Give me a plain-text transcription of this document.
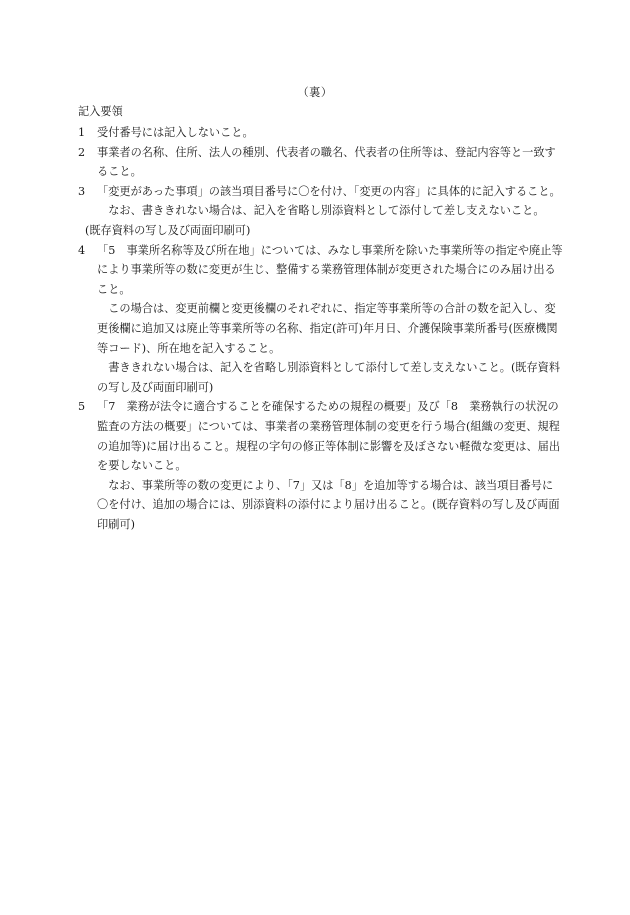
（裏）
記入要領
1	受付番号には記入しないこと。

2	事業者の名称、住所、法人の種別、代表者の職名、代表者の住所等は、登記内容等と一致すること。

3	「変更があった事項」の該当項目番号に〇を付け、「変更の内容」に具体的に記入すること。

なお、書ききれない場合は、記入を省略し別添資料として添付して差し支えないこと。

(既存資料の写し及び両面印刷可)

4	「5　事業所名称等及び所在地」については、みなし事業所を除いた事業所等の指定や廃止等により事業所等の数に変更が生じ、整備する業務管理体制が変更された場合にのみ届け出ること。

この場合は、変更前欄と変更後欄のそれぞれに、指定等事業所等の合計の数を記入し、変更後欄に追加又は廃止等事業所等の名称、指定(許可)年月日、介護保険事業所番号(医療機関等コード)、所在地を記入すること。

書ききれない場合は、記入を省略し別添資料として添付して差し支えないこと。(既存資料の写し及び両面印刷可)

5	「7　業務が法令に適合することを確保するための規程の概要」及び「8　業務執行の状況の監査の方法の概要」については、事業者の業務管理体制の変更を行う場合(組織の変更、規程の追加等)に届け出ること。規程の字句の修正等体制に影響を及ぼさない軽微な変更は、届出を要しないこと。

なお、事業所等の数の変更により、「7」又は「8」を追加等する場合は、該当項目番号に〇を付け、追加の場合には、別添資料の添付により届け出ること。(既存資料の写し及び両面印刷可)
